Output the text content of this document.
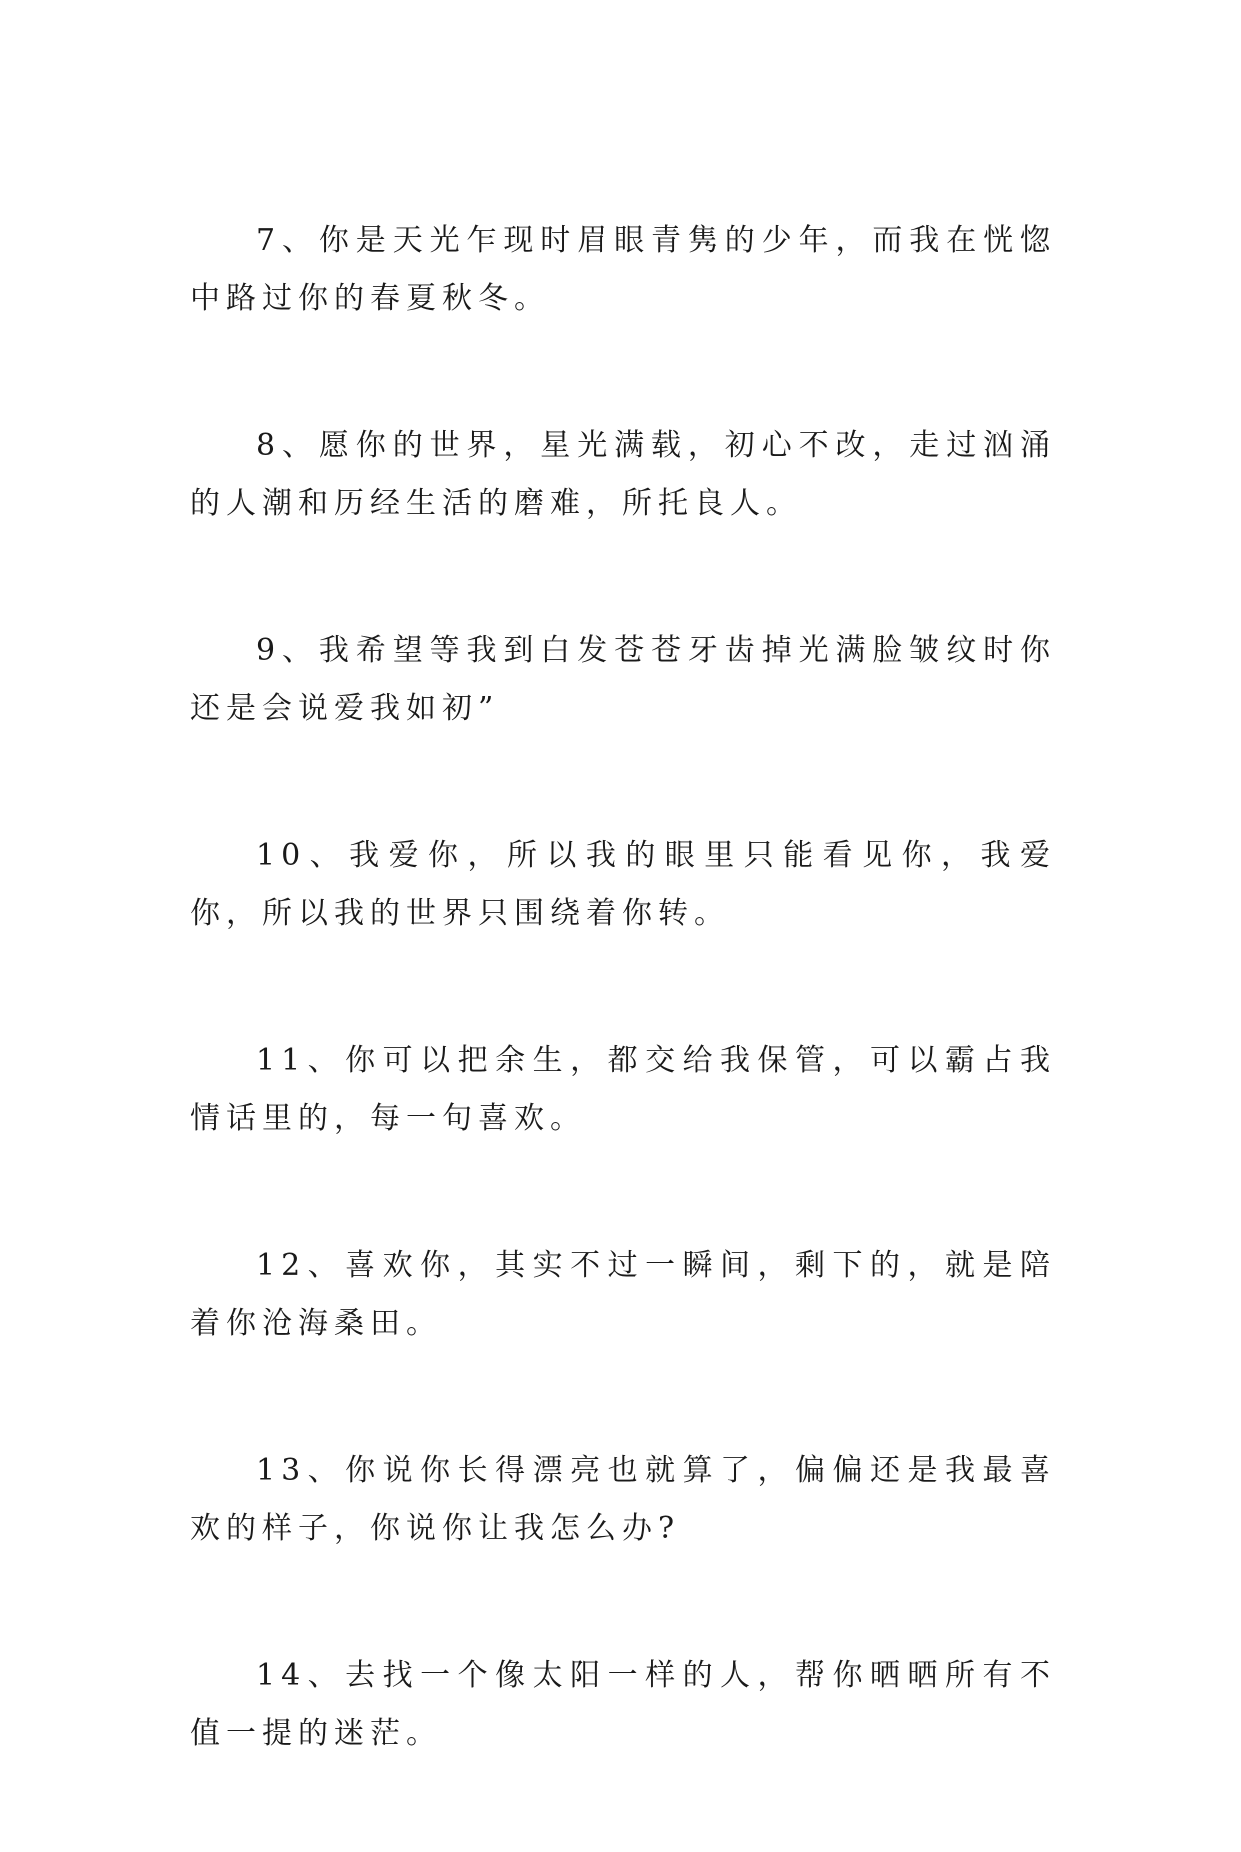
7、你是天光乍现时眉眼青隽的少年，而我在恍惚中路过你的春夏秋冬。

8、愿你的世界，星光满载，初心不改，走过汹涌的人潮和历经生活的磨难，所托良人。

9、我希望等我到白发苍苍牙齿掉光满脸皱纹时你还是会说爱我如初”

10、我爱你，所以我的眼里只能看见你，我爱你，所以我的世界只围绕着你转。

11、你可以把余生，都交给我保管，可以霸占我情话里的，每一句喜欢。

12、喜欢你，其实不过一瞬间，剩下的，就是陪着你沧海桑田。

13、你说你长得漂亮也就算了，偏偏还是我最喜欢的样子，你说你让我怎么办?

14、去找一个像太阳一样的人，帮你晒晒所有不值一提的迷茫。
